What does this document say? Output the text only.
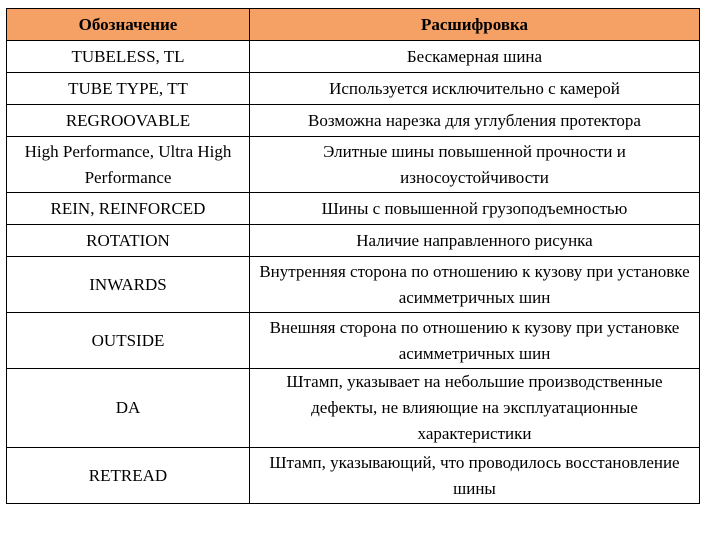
Обозначение	Расшифровка
TUBELESS, TL	Бескамерная шина
TUBE TYPE, TT	Используется исключительно с камерой
REGROOVABLE	Возможна нарезка для углубления протектора
High Performance, Ultra High Performance	Элитные шины повышенной прочности и износоустойчивости
REIN, REINFORCED	Шины с повышенной грузоподъемностью
ROTATION	Наличие направленного рисунка
INWARDS	Внутренняя сторона по отношению к кузову при установке асимметричных шин
OUTSIDE	Внешняя сторона по отношению к кузову при установке асимметричных шин
DA	Штамп, указывает на небольшие производственные дефекты, не влияющие на эксплуатационные характеристики
RETREAD	Штамп, указывающий, что проводилось восстановление шины
